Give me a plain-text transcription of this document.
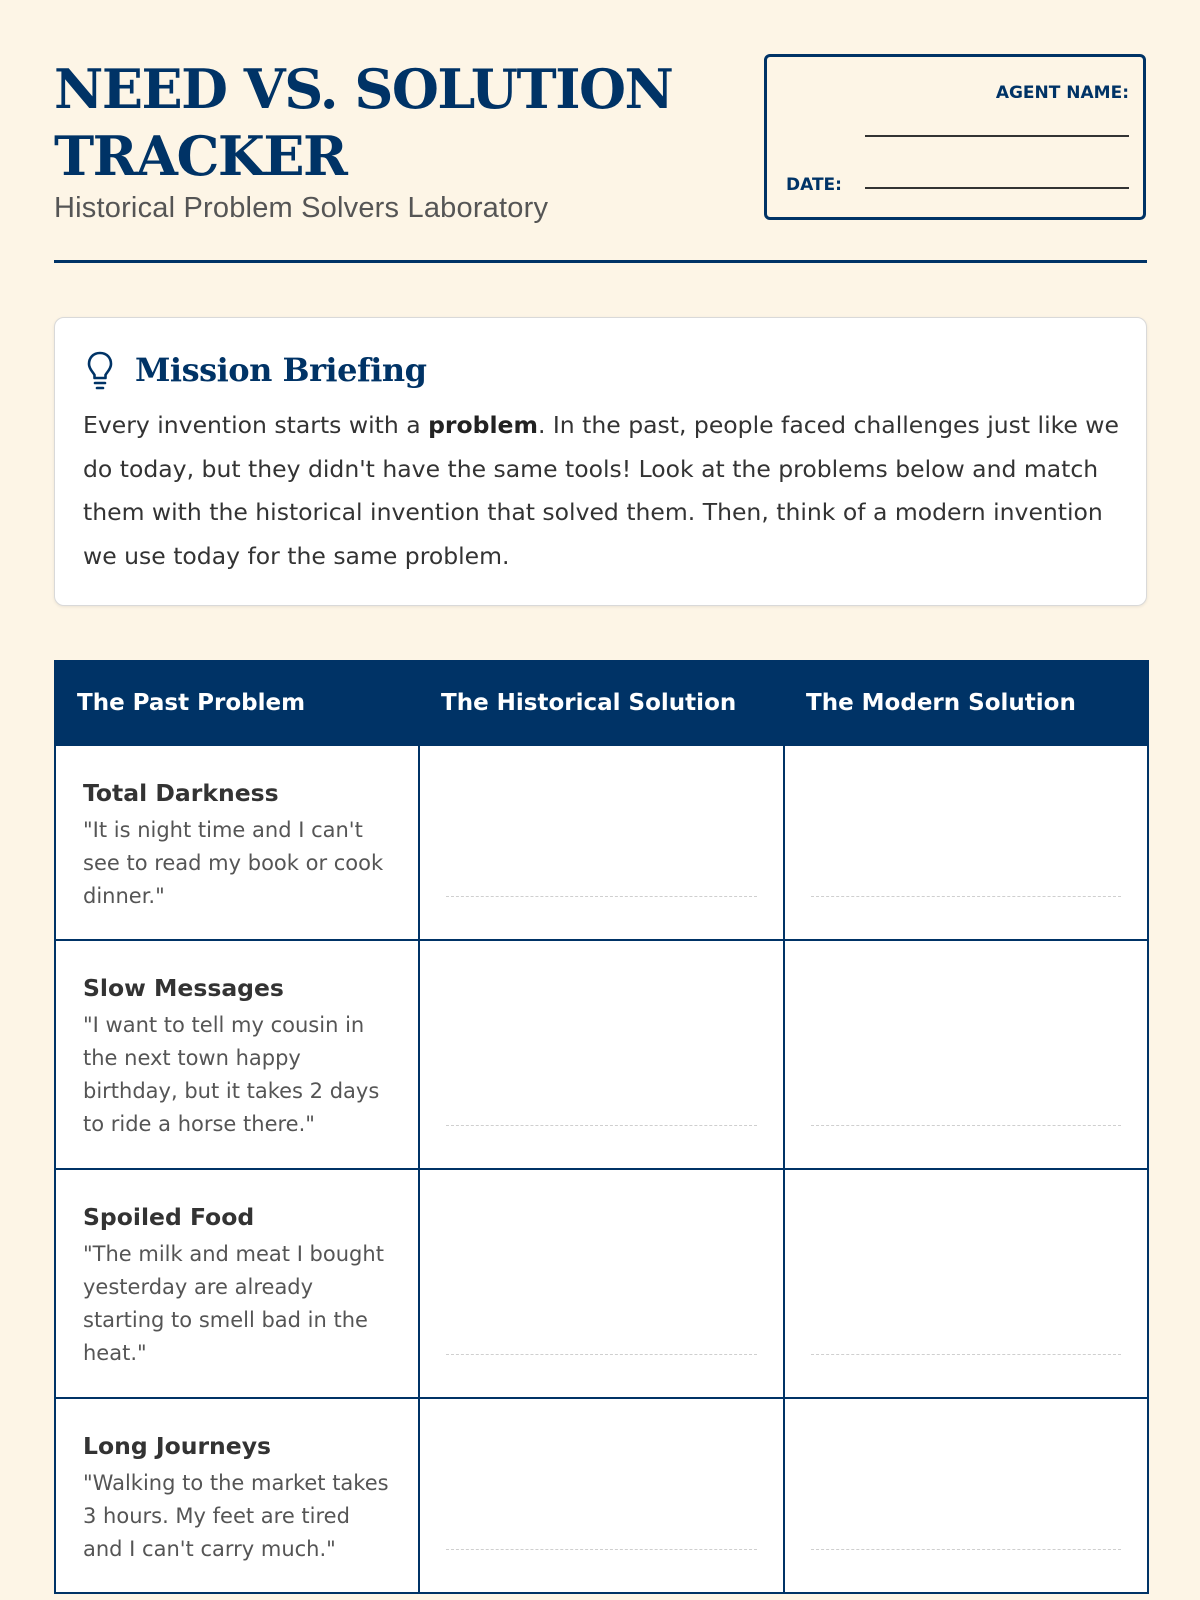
NEED VS. SOLUTION
TRACKER
Historical Problem Solvers Laboratory
AGENT NAME:
DATE:
Mission Briefing

Every invention starts with a problem. In the past, people faced challenges just like we do today, but they didn't have the same tools! Look at the problems below and match them with the historical invention that solved them. Then, think of a modern invention we use today for the same problem.

The Past Problem	The Historical Solution	The Modern Solution

Total Darkness
"It is night time and I can't see to read my book or cook dinner."		

Slow Messages
"I want to tell my cousin in the next town happy birthday, but it takes 2 days to ride a horse there."		

Spoiled Food
"The milk and meat I bought yesterday are already starting to smell bad in the heat."		

Long Journeys
"Walking to the market takes 3 hours. My feet are tired and I can't carry much."		
